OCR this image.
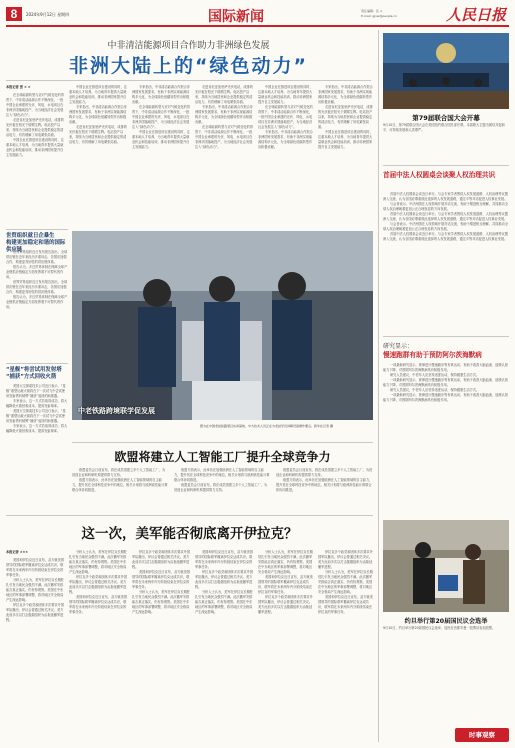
8	2024年9月12日 星期四	国际新闻	责任编辑：张 ×
E-mail: gjxw@people.cn	人民日报
中非清洁能源项目合作助力非洲绿色发展
非洲大陆上的“绿色动力”
本报记者 张 × ×

在全球能源转型与应对气候变化的背景下，中非清洁能源合作不断深化，一批中国企业承建的光伏、风电、水电项目在非洲多国落地投产，为当地经济社会发展注入“绿色动力”。

走进肯尼亚加里萨光伏电站，成排的光伏板在阳光下熠熠生辉。电站投产以来，持续为当地居民和企业提供稳定的清洁电力，有效缓解了用电紧张局面。

中国企业在推进项目建设的同时，注重本地人才培养，为当地青年提供大量就业机会和技能培训，推动非洲国家提升自主发展能力。

中国企业在推进项目建设的同时，注重本地人才培养，为当地青年提供大量就业机会和技能培训，推动非洲国家提升自主发展能力。

专家指出，中非清洁能源合作契合非洲国家发展需求，有助于非洲实现能源结构多元化，为全球绿色低碳转型作出积极贡献。

走进肯尼亚加里萨光伏电站，成排的光伏板在阳光下熠熠生辉。电站投产以来，持续为当地居民和企业提供稳定的清洁电力，有效缓解了用电紧张局面。

专家指出，中非清洁能源合作契合非洲国家发展需求，有助于非洲实现能源结构多元化，为全球绿色低碳转型作出积极贡献。

在全球能源转型与应对气候变化的背景下，中非清洁能源合作不断深化，一批中国企业承建的光伏、风电、水电项目在非洲多国落地投产，为当地经济社会发展注入“绿色动力”。

中国企业在推进项目建设的同时，注重本地人才培养，为当地青年提供大量就业机会和技能培训，推动非洲国家提升自主发展能力。

走进肯尼亚加里萨光伏电站，成排的光伏板在阳光下熠熠生辉。电站投产以来，持续为当地居民和企业提供稳定的清洁电力，有效缓解了用电紧张局面。

专家指出，中非清洁能源合作契合非洲国家发展需求，有助于非洲实现能源结构多元化，为全球绿色低碳转型作出积极贡献。

在全球能源转型与应对气候变化的背景下，中非清洁能源合作不断深化，一批中国企业承建的光伏、风电、水电项目在非洲多国落地投产，为当地经济社会发展注入“绿色动力”。

中国企业在推进项目建设的同时，注重本地人才培养，为当地青年提供大量就业机会和技能培训，推动非洲国家提升自主发展能力。

在全球能源转型与应对气候变化的背景下，中非清洁能源合作不断深化，一批中国企业承建的光伏、风电、水电项目在非洲多国落地投产，为当地经济社会发展注入“绿色动力”。

专家指出，中非清洁能源合作契合非洲国家发展需求，有助于非洲实现能源结构多元化，为全球绿色低碳转型作出积极贡献。

专家指出，中非清洁能源合作契合非洲国家发展需求，有助于非洲实现能源结构多元化，为全球绿色低碳转型作出积极贡献。

走进肯尼亚加里萨光伏电站，成排的光伏板在阳光下熠熠生辉。电站投产以来，持续为当地居民和企业提供稳定的清洁电力，有效缓解了用电紧张局面。

中国企业在推进项目建设的同时，注重本地人才培养，为当地青年提供大量就业机会和技能培训，推动非洲国家提升自主发展能力。

世贸组织就日企暴生
构建更加稳定和谐的国际供应链

世界贸易组织近日发布报告指出，全球供应链在近年来经历多重冲击，各国应加强合作，构建更具韧性的供应链体系。

报告认为，多边贸易体制在保障全球产业链供应链稳定方面发挥着不可替代的作用。

世界贸易组织近日发布报告指出，全球供应链在近年来经历多重冲击，各国应加强合作，构建更具韧性的供应链体系。

报告认为，多边贸易体制在保障全球产业链供应链稳定方面发挥着不可替代的作用。

“星舰”将尝试用发射塔
“捕获”方式回收火箭

美国太空探索技术公司近日表示，“星舰”重型运载火箭将在下一次试飞中尝试使用发射塔机械臂“捕获”返回的助推器。

专家表示，这一方式若取得成功，将大幅降低火箭回收成本，提高发射频率。

美国太空探索技术公司近日表示，“星舰”重型运载火箭将在下一次试飞中尝试使用发射塔机械臂“捕获”返回的助推器。

专家表示，这一方式若取得成功，将大幅降低火箭回收成本，提高发射频率。

中老铁路跨境联学促发展
图为在中国老挝铁路项目实训基地，中方技术人员正在为老挝学员讲解设备操作要点。新华社记者 摄
欧盟将建立人工智能工厂提升全球竞争力

欧盟委员会日前宣布，将在成员国建立多个人工智能工厂，为初创企业和科研机构提供算力支持。

欧盟方面表示，此举旨在加强欧洲在人工智能领域的自主能力，提升其在全球科技竞争中的地位。相关计划将与欧洲高性能计算联合体协同推进。

欧盟方面表示，此举旨在加强欧洲在人工智能领域的自主能力，提升其在全球科技竞争中的地位。相关计划将与欧洲高性能计算联合体协同推进。

欧盟委员会日前宣布，将在成员国建立多个人工智能工厂，为初创企业和科研机构提供算力支持。

欧盟委员会日前宣布，将在成员国建立多个人工智能工厂，为初创企业和科研机构提供算力支持。

欧盟方面表示，此举旨在加强欧洲在人工智能领域的自主能力，提升其在全球科技竞争中的地位。相关计划将与欧洲高性能计算联合体协同推进。

这一次，美军能否彻底离开伊拉克？
本报记者 ×××

美国和伊拉克近日宣布，双方就美国领导的国际联军撤离伊拉克达成共识，联军将在未来两年内分阶段结束在伊拉克的军事任务。

分析人士认为，美军在伊拉克长期驻扎引发当地民众强烈不满。此次撤军安排能否真正落实，仍有待观察。美国在中东地区的军事部署调整，将对地区安全格局产生深远影响。

伊拉克多个政党和团体多次要求外国军队撤出，伊议会曾通过相关决议。美方此前多次以打击极端组织为由拖延撤军进程。

分析人士认为，美军在伊拉克长期驻扎引发当地民众强烈不满。此次撤军安排能否真正落实，仍有待观察。美国在中东地区的军事部署调整，将对地区安全格局产生深远影响。

伊拉克多个政党和团体多次要求外国军队撤出，伊议会曾通过相关决议。美方此前多次以打击极端组织为由拖延撤军进程。

美国和伊拉克近日宣布，双方就美国领导的国际联军撤离伊拉克达成共识，联军将在未来两年内分阶段结束在伊拉克的军事任务。

伊拉克多个政党和团体多次要求外国军队撤出，伊议会曾通过相关决议。美方此前多次以打击极端组织为由拖延撤军进程。

美国和伊拉克近日宣布，双方就美国领导的国际联军撤离伊拉克达成共识，联军将在未来两年内分阶段结束在伊拉克的军事任务。

分析人士认为，美军在伊拉克长期驻扎引发当地民众强烈不满。此次撤军安排能否真正落实，仍有待观察。美国在中东地区的军事部署调整，将对地区安全格局产生深远影响。

美国和伊拉克近日宣布，双方就美国领导的国际联军撤离伊拉克达成共识，联军将在未来两年内分阶段结束在伊拉克的军事任务。

伊拉克多个政党和团体多次要求外国军队撤出，伊议会曾通过相关决议。美方此前多次以打击极端组织为由拖延撤军进程。

分析人士认为，美军在伊拉克长期驻扎引发当地民众强烈不满。此次撤军安排能否真正落实，仍有待观察。美国在中东地区的军事部署调整，将对地区安全格局产生深远影响。

分析人士认为，美军在伊拉克长期驻扎引发当地民众强烈不满。此次撤军安排能否真正落实，仍有待观察。美国在中东地区的军事部署调整，将对地区安全格局产生深远影响。

美国和伊拉克近日宣布，双方就美国领导的国际联军撤离伊拉克达成共识，联军将在未来两年内分阶段结束在伊拉克的军事任务。

伊拉克多个政党和团体多次要求外国军队撤出，伊议会曾通过相关决议。美方此前多次以打击极端组织为由拖延撤军进程。

伊拉克多个政党和团体多次要求外国军队撤出，伊议会曾通过相关决议。美方此前多次以打击极端组织为由拖延撤军进程。

分析人士认为，美军在伊拉克长期驻扎引发当地民众强烈不满。此次撤军安排能否真正落实，仍有待观察。美国在中东地区的军事部署调整，将对地区安全格局产生深远影响。

美国和伊拉克近日宣布，双方就美国领导的国际联军撤离伊拉克达成共识，联军将在未来两年内分阶段结束在伊拉克的军事任务。

第79届联合国大会开幕
9月10日，第79届联合国大会在美国纽约联合国总部开幕。本届联大主题为团结共促和平、可持续发展和人类尊严。
首届中法人权圆桌会谈聚人权治理共识

首届中法人权圆桌会谈近日举行。与会专家学者围绕人权发展道路、人权治理等议题深入交流，认为各国应尊重彼此选择的人权发展道路，通过平等对话促进人权事业发展。

与会者表示，中法两国在人权领域开展对话交流，有助于增进相互理解，共同推动全球人权治理朝着更加公正合理包容的方向发展。

首届中法人权圆桌会谈近日举行。与会专家学者围绕人权发展道路、人权治理等议题深入交流，认为各国应尊重彼此选择的人权发展道路，通过平等对话促进人权事业发展。

与会者表示，中法两国在人权领域开展对话交流，有助于增进相互理解，共同推动全球人权治理朝着更加公正合理包容的方向发展。

首届中法人权圆桌会谈近日举行。与会专家学者围绕人权发展道路、人权治理等议题深入交流，认为各国应尊重彼此选择的人权发展道路，通过平等对话促进人权事业发展。

研究显示：
慢速跑群有助于预防阿尔茨海默病

一项最新研究显示，规律进行慢速跑步等有氧运动，有助于改善大脑血流、延缓认知能力下降，对预防阿尔茨海默病具有积极作用。

研究人员建议，中老年人应坚持适度运动，保持健康生活方式。

一项最新研究显示，规律进行慢速跑步等有氧运动，有助于改善大脑血流、延缓认知能力下降，对预防阿尔茨海默病具有积极作用。

研究人员建议，中老年人应坚持适度运动，保持健康生活方式。

一项最新研究显示，规律进行慢速跑步等有氧运动，有助于改善大脑血流、延缓认知能力下降，对预防阿尔茨海默病具有积极作用。

约旦举行第20届国民议会选举
9月10日，约旦举行第20届国民议会选举，选民在首都安曼一投票站参加投票。
时事观察
